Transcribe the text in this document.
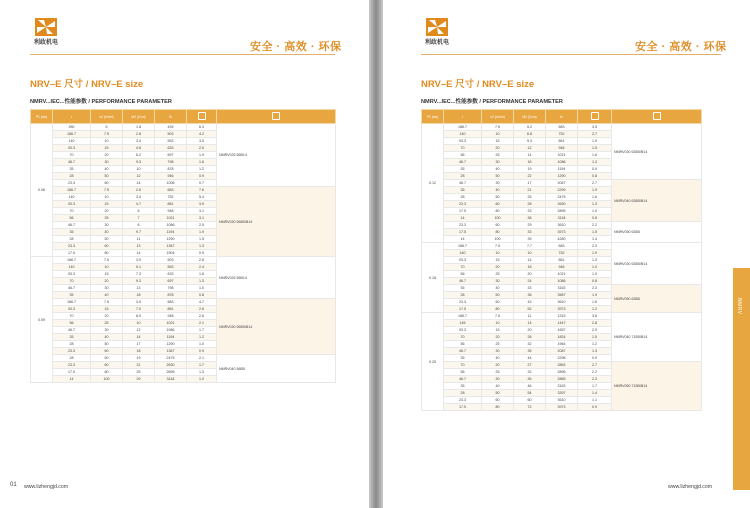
利政机电	安全 · 高效 · 环保
NRV–E 尺寸 / NRV–E size
NMRV...IEC...性能参数 / PERFORMANCE PARAMETER
P1 (kw)	i	n2 (r/min)	M2 (N.m)	fs			
0.06	280	5	1.8	439	6.3	NMRV025 56B14	
	186.7	7.5	2.8	503	4.2		
	140	10	3.4	553	3.5		
	93.3	15	4.8	633	2.5		
	70	20	6.2	697	1.9		
	46.7	30	9.3	798	1.6		
	35	40	10	878	1.2		
	28	50	12	946	0.9		
	23.3	60	14	1006	0.7		
	186.7	7.5	2.6	683	7.6	NMRV030 56B5/B14	
	140	10	3.4	752	5.4		
	93.3	15	4.7	861	3.9		
	70	20	6	948	3.1		
	56	25	7	1021	3.1		
	46.7	30	8	1086	2.5		
	35	40	9.7	1194	1.9		
	28	50	11	1290	1.5		
	23.3	60	13	1367	1.3		
	17.5	80	14	1504	0.9		
0.09	186.7	7.5	3.9	503	2.8	NMRV025 56B14	
	140	10	5.1	553	2.4		
	93.3	15	7.3	633	1.6		
	70	20	9.3	697	1.3		
	46.7	30	13	798	1.0		
	35	40	18	878	0.8		
	186.7	7.5	3.9	683	4.7	NMRV030 56B5/B14	
	93.3	15	7.0	861	2.6		
	70	20	8.9	948	2.6		
	56	25	10	1021	2.1		
	46.7	30	12	1086	1.7		
	35	40	14	1194	1.2		
	28	50	17	1290	1.0		
	23.3	60	18	1367	0.9		
	28	50	19	2475	2.1	NMRV040 56B5	
	23.3	60	21	2630	1.7		
	17.5	80	25	2895	1.3		
	14	100	29	3118	1.0		
01 www.lizhengjd.com
利政机电	安全 · 高效 · 环保
NRV–E 尺寸 / NRV–E size
NMRV...IEC...性能参数 / PERFORMANCE PARAMETER
P1 (kw)	i	n2 (r/min)	M2 (N.m)	fs			
0.12	186.7	7.5	5.2	683	3.5	NMRV030 63B5/B14	
	140	10	6.8	752	2.7		
	93.3	15	9.3	861	1.9		
	70	20	12	946	1.5		
	56	25	14	1021	1.6		
	46.7	30	16	1086	1.3		
	35	40	19	1194	0.9		
	28	50	22	1290	0.8		
	46.7	30	17	2067	2.7	NMRV040 63B5/B14	
	35	40	21	2299	1.9		
	28	50	25	2475	1.6		
	23.3	60	28	2630	1.3		
	17.5	80	33	2895	1.0		
	14	100	38	3118	0.8		
	23.3	60	29	3610	2.2	NMRV050 63B5	
	17.5	80	33	3973	1.5		
	14	100	39	4280	1.4		
0.18	186.7	7.5	7.7	683	2.3	NMRV030 63B5/B14	
	140	10	10	752	1.9		
	93.3	15	14	861	1.3		
	70	20	18	946	1.0		
	56	25	20	1021	1.0		
	46.7	30	24	1086	0.8		
	35	40	33	3163	2.3	NMRV050 63B5	
	28	50	38	3587	1.9		
	23.3	60	43	3610	1.6		
	17.5	80	52	3973	1.2		
0.25	186.7	7.5	11	1315	3.6	NMRV040 71B5/B14	
	145	10	14	1447	2.8		
	93.3	15	20	1657	2.0		
	70	20	26	1824	1.5		
	56	25	32	1964	1.2		
	46.7	30	35	2087	1.3		
	35	40	44	2298	0.9		
	70	20	27	2863	2.7	NMRV050 71B5/B14	
	56	25	32	2896	2.2		
	46.7	30	35	2865	2.3		
	35	40	46	3163	1.7		
	28	50	54	3397	1.4		
	23.3	60	60	3610	1.1		
	17.5	80	72	3973	0.9		
www.lizhengjd.com
NMRV
